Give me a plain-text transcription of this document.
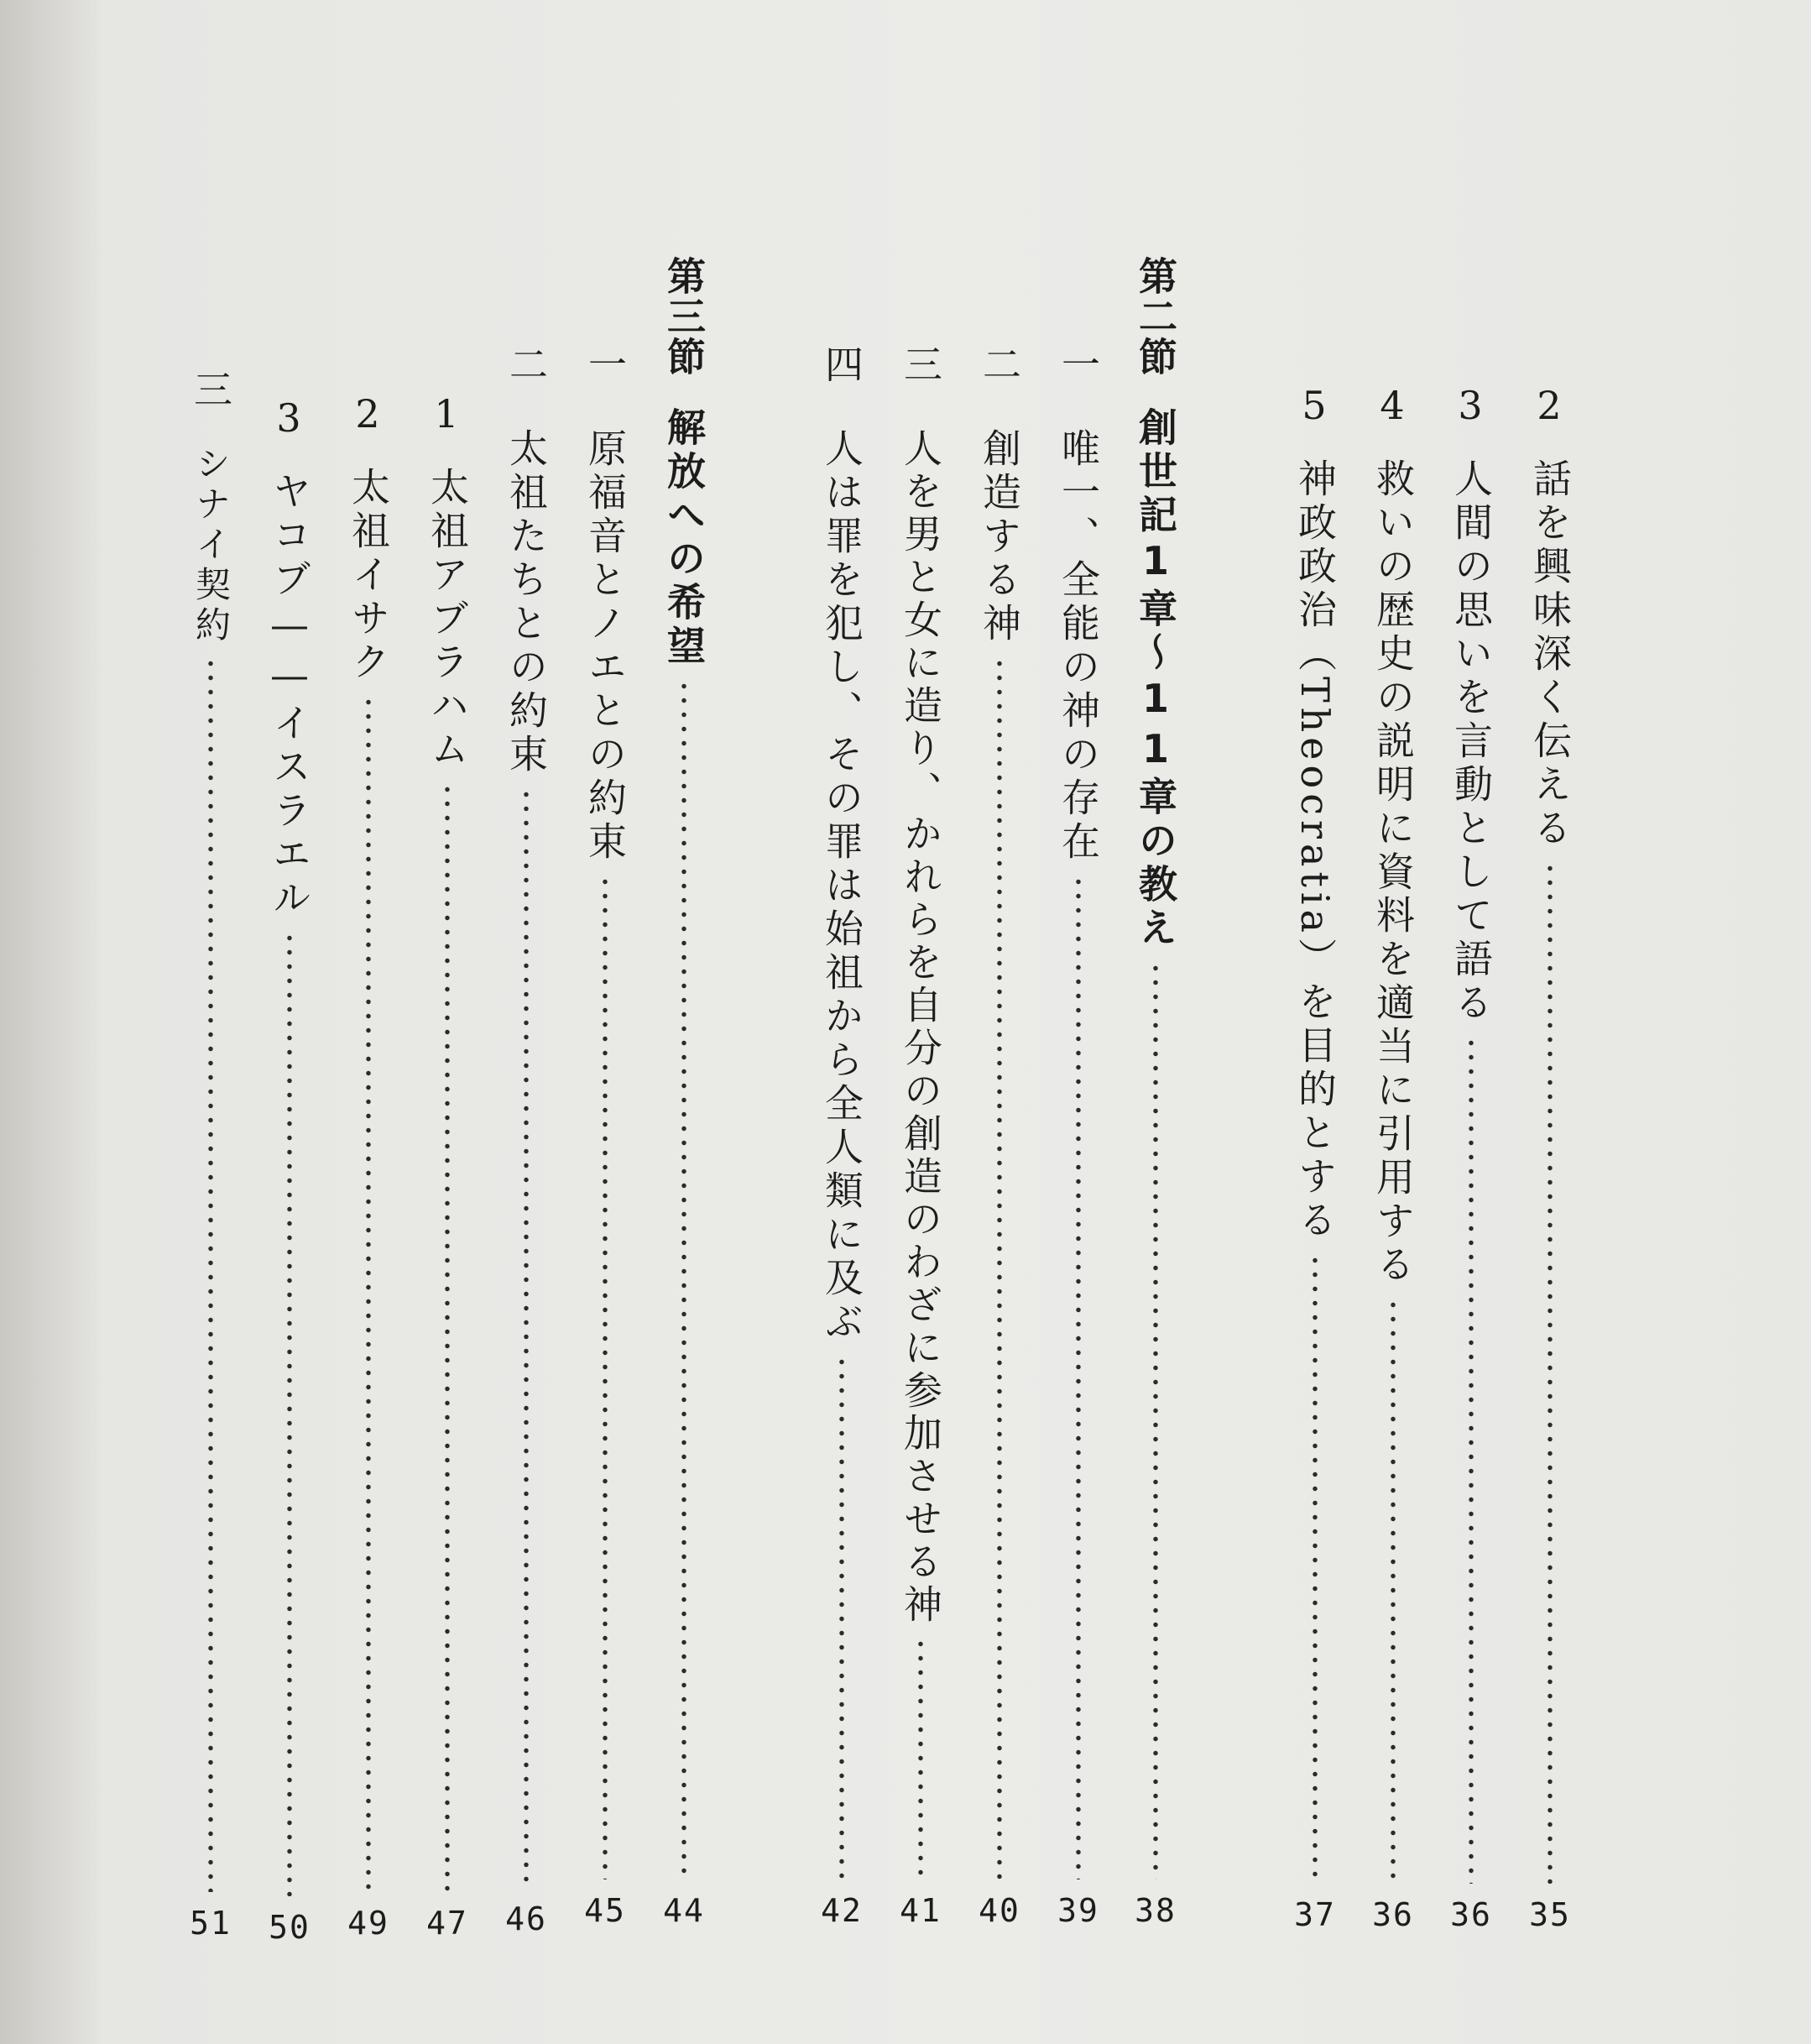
2
話を興味深く伝える
35
3
人間の思いを言動として語る
36
4
救いの歴史の説明に資料を適当に引用する
36
5
神政政治（Theocratia）を目的とする
37
第二節
創世記1章～11章の教え
38
一
唯一、全能の神の存在
39
二
創造する神
40
三
人を男と女に造り、かれらを自分の創造のわざに参加させる神
41
四
人は罪を犯し、その罪は始祖から全人類に及ぶ
42
第三節
解放への希望
44
一
原福音とノエとの約束
45
二
太祖たちとの約束
46
1
太祖アブラハム
47
2
太祖イサク
49
3
ヤコブ——イスラエル
50
三
シナイ契約
51
